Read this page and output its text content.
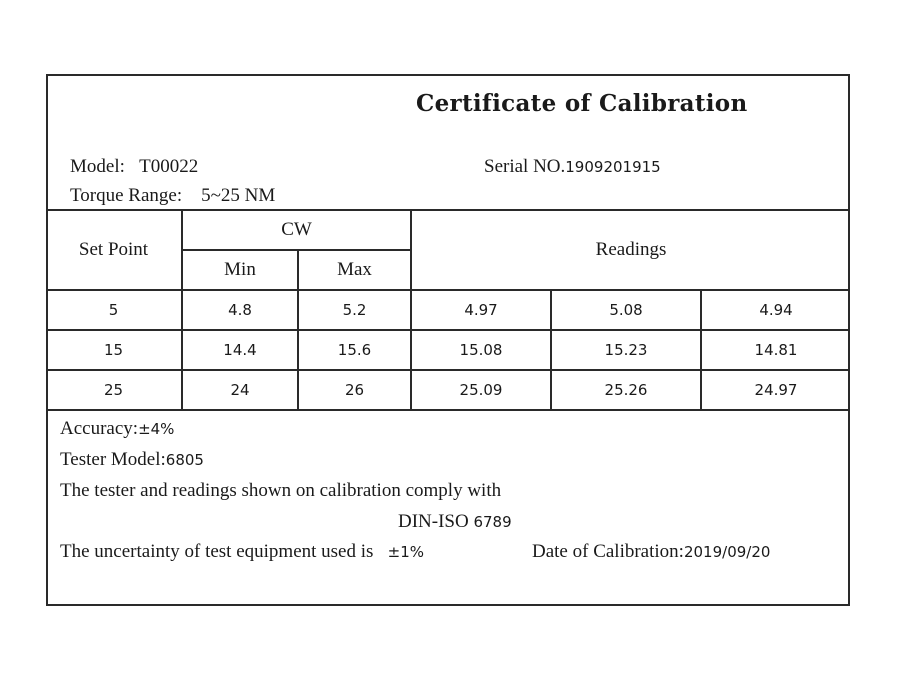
Certificate of Calibration
Model: T00022	Serial NO.1909201915
Torque Range: 5~25 NM
Set Point	CW		Readings		
	Min	Max			
5	4.8	5.2	4.97	5.08	4.94
15	14.4	15.6	15.08	15.23	14.81
25	24	26	25.09	25.26	24.97
Accuracy:±4%
Tester Model:6805
The tester and readings shown on calibration comply with
DIN-ISO 6789
The uncertainty of test equipment used is ±1%	Date of Calibration:2019/09/20
